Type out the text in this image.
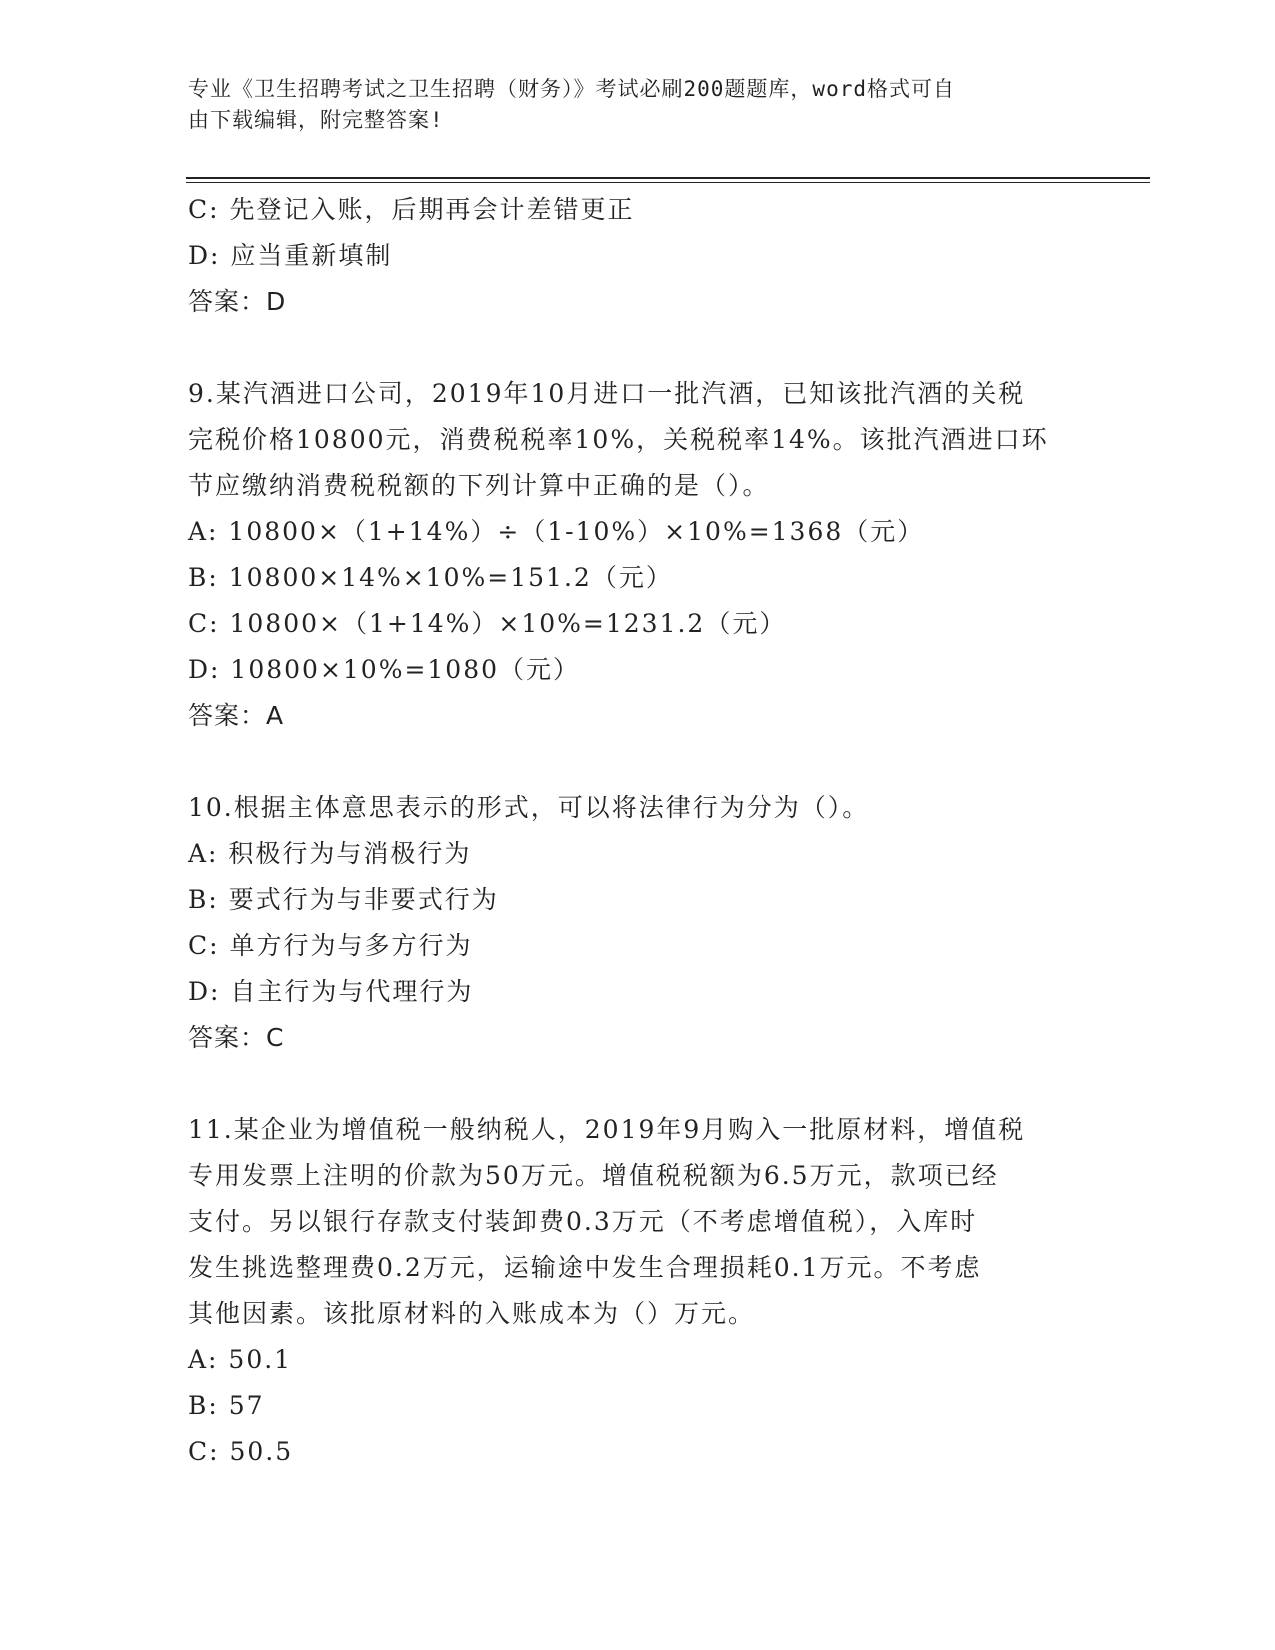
专业《卫生招聘考试之卫生招聘（财务）》考试必刷200题题库，word格式可自
由下载编辑，附完整答案!
C: 先登记入账，后期再会计差错更正
D: 应当重新填制
答案：D
9.某汽酒进口公司，2019年10月进口一批汽酒，已知该批汽酒的关税
完税价格10800元，消费税税率10%，关税税率14%。该批汽酒进口环
节应缴纳消费税税额的下列计算中正确的是（）。
A: 10800×（1+14%）÷（1-10%）×10%=1368（元）
B: 10800×14%×10%=151.2（元）
C: 10800×（1+14%）×10%=1231.2（元）
D: 10800×10%=1080（元）
答案：A
10.根据主体意思表示的形式，可以将法律行为分为（）。
A: 积极行为与消极行为
B: 要式行为与非要式行为
C: 单方行为与多方行为
D: 自主行为与代理行为
答案：C
11.某企业为增值税一般纳税人，2019年9月购入一批原材料，增值税
专用发票上注明的价款为50万元。增值税税额为6.5万元，款项已经
支付。另以银行存款支付装卸费0.3万元（不考虑增值税），入库时
发生挑选整理费0.2万元，运输途中发生合理损耗0.1万元。不考虑
其他因素。该批原材料的入账成本为（）万元。
A: 50.1
B: 57
C: 50.5
